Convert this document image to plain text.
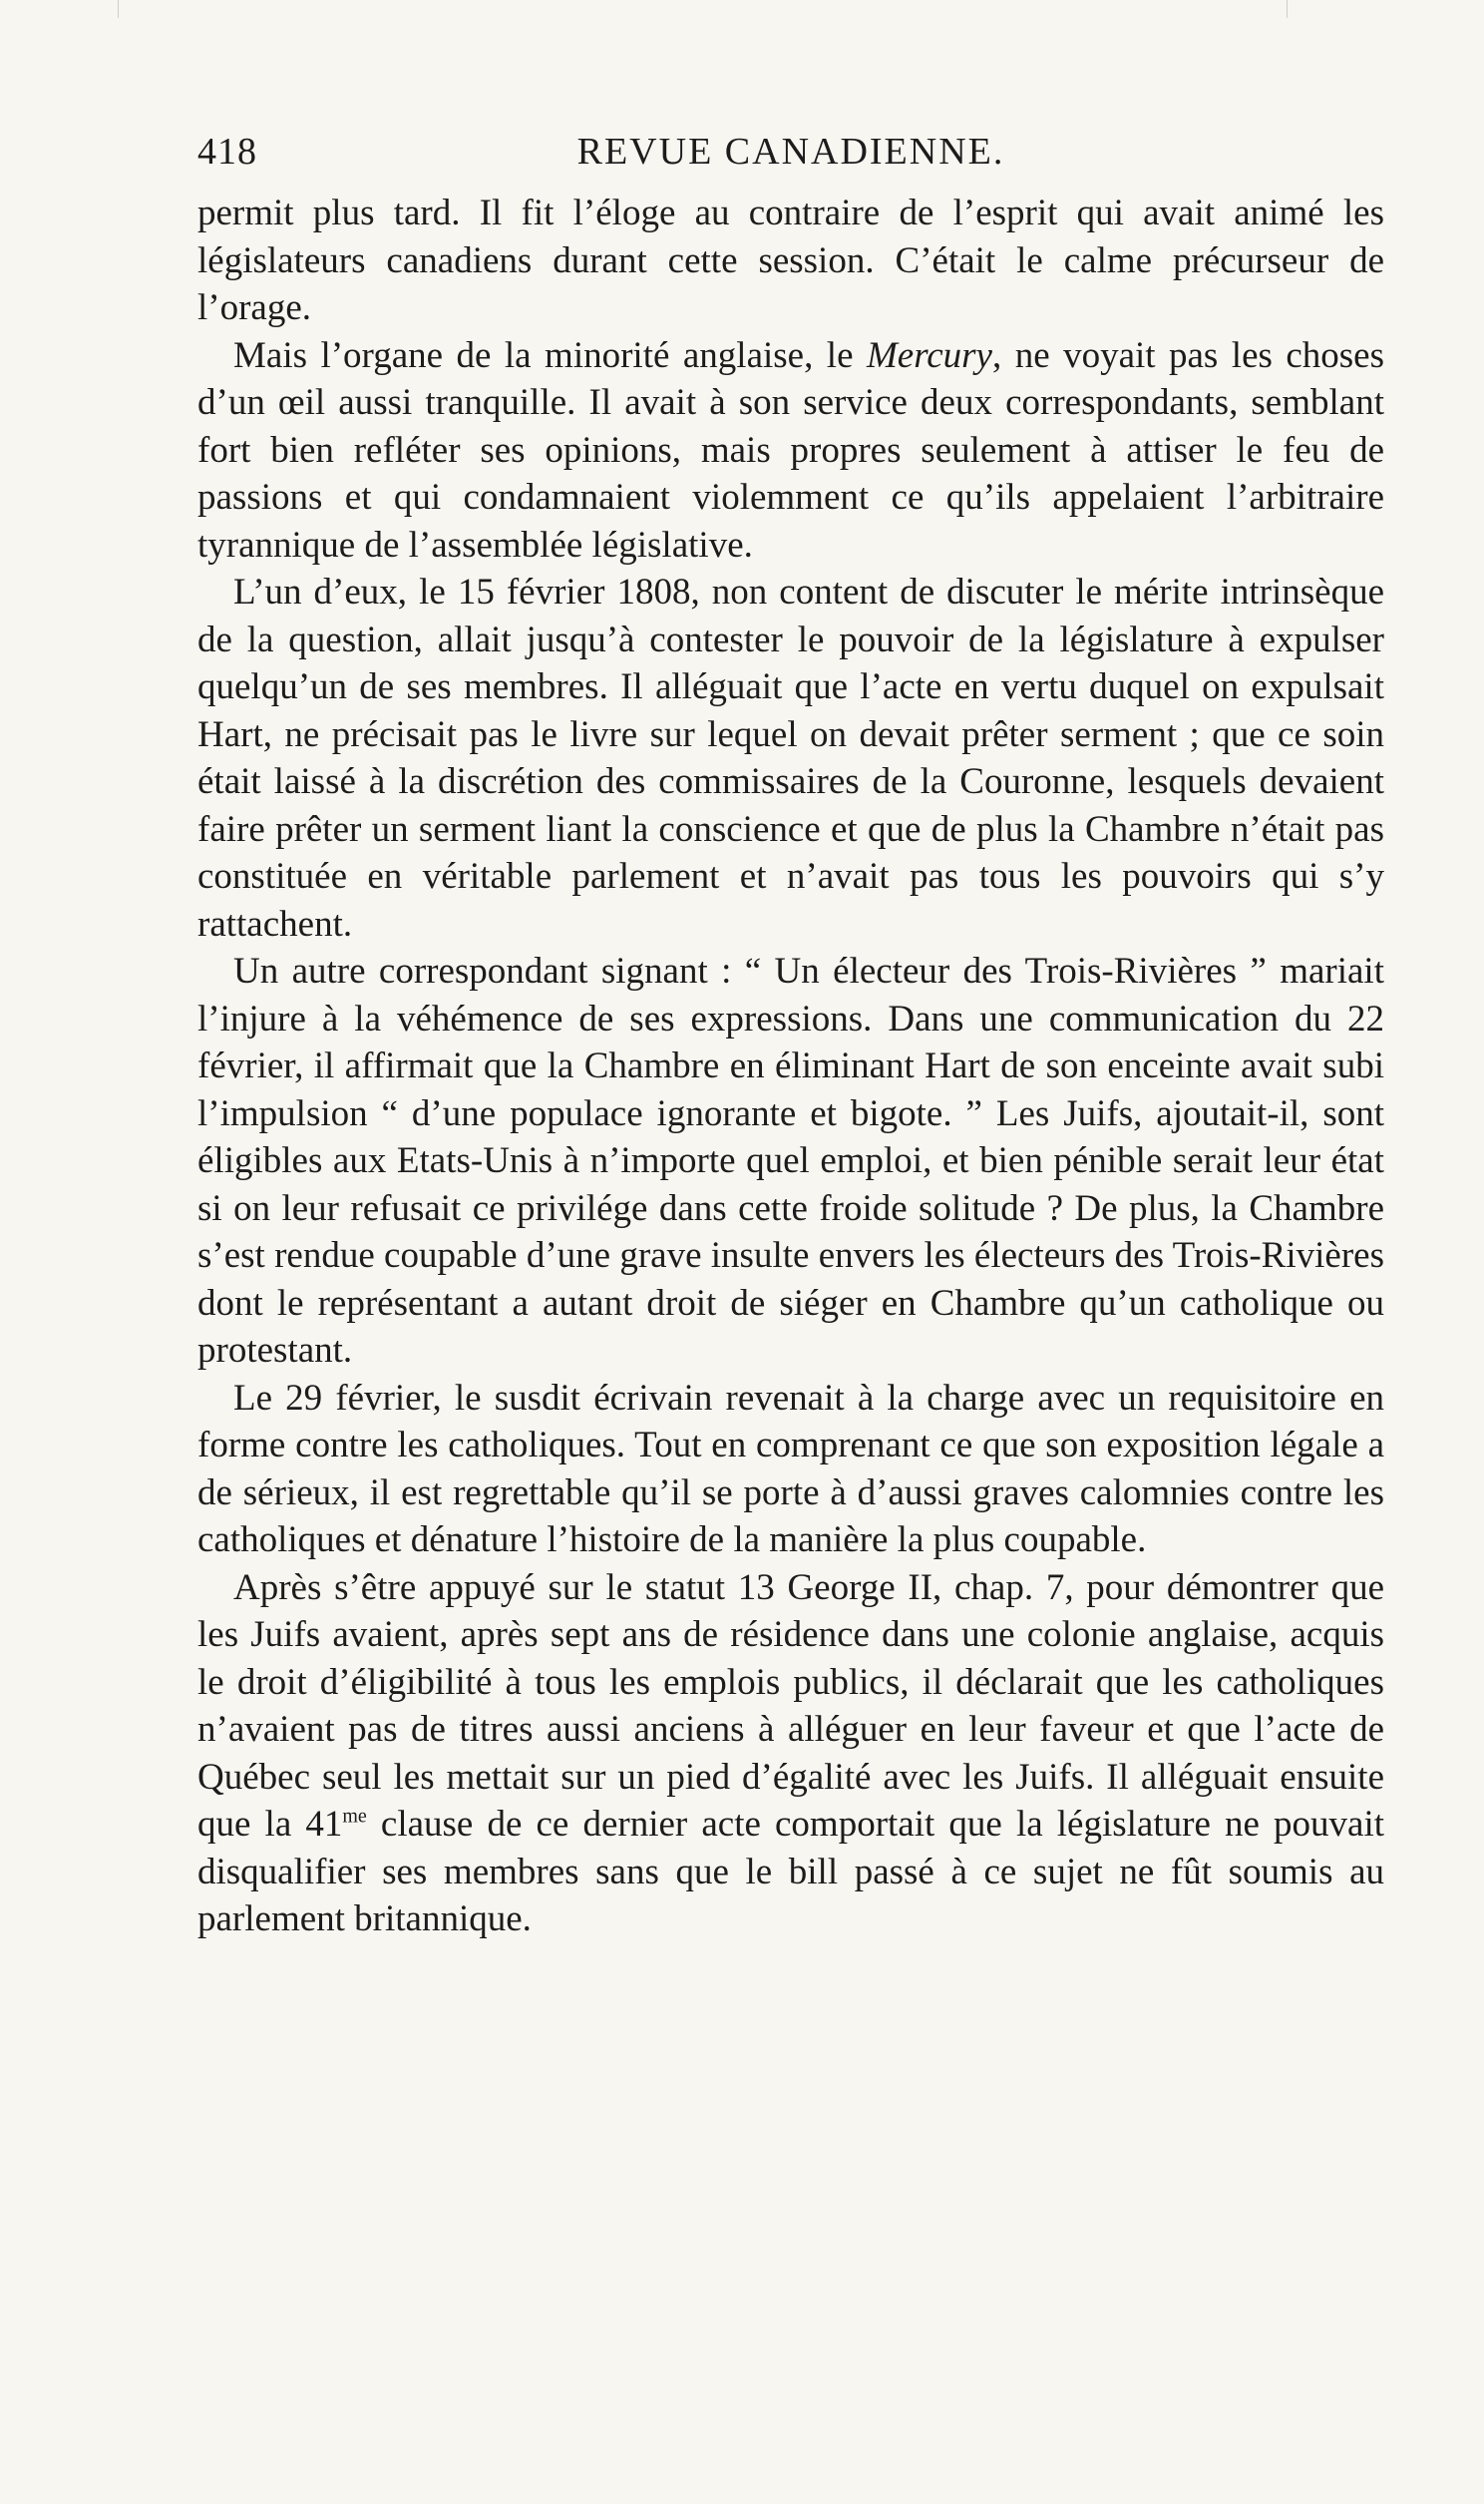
418	REVUE CANADIENNE.

permit plus tard. Il fit l’éloge au contraire de l’esprit qui avait animé les législateurs canadiens durant cette session. C’était le calme précurseur de l’orage.

Mais l’organe de la minorité anglaise, le Mercury, ne voyait pas les choses d’un œil aussi tranquille. Il avait à son service deux correspondants, semblant fort bien refléter ses opinions, mais propres seulement à attiser le feu de passions et qui condamnaient violemment ce qu’ils appelaient l’arbitraire tyrannique de l’assemblée législative.

L’un d’eux, le 15 février 1808, non content de discuter le mérite intrinsèque de la question, allait jusqu’à contester le pouvoir de la législature à expulser quelqu’un de ses membres. Il alléguait que l’acte en vertu duquel on expulsait Hart, ne précisait pas le livre sur lequel on devait prêter serment ; que ce soin était laissé à la discrétion des commissaires de la Couronne, lesquels devaient faire prêter un serment liant la conscience et que de plus la Chambre n’était pas constituée en véritable parlement et n’avait pas tous les pouvoirs qui s’y rattachent.

Un autre correspondant signant : “ Un électeur des Trois-Rivières ” mariait l’injure à la véhémence de ses expressions. Dans une communication du 22 février, il affirmait que la Chambre en éliminant Hart de son enceinte avait subi l’impulsion “ d’une populace ignorante et bigote. ” Les Juifs, ajoutait-il, sont éligibles aux Etats-Unis à n’importe quel emploi, et bien pénible serait leur état si on leur refusait ce privilége dans cette froide solitude ? De plus, la Chambre s’est rendue coupable d’une grave insulte envers les électeurs des Trois-Rivières dont le représentant a autant droit de siéger en Chambre qu’un catholique ou protestant.

Le 29 février, le susdit écrivain revenait à la charge avec un requisitoire en forme contre les catholiques. Tout en comprenant ce que son exposition légale a de sérieux, il est regrettable qu’il se porte à d’aussi graves calomnies contre les catholiques et dénature l’histoire de la manière la plus coupable.

Après s’être appuyé sur le statut 13 George II, chap. 7, pour démontrer que les Juifs avaient, après sept ans de résidence dans une colonie anglaise, acquis le droit d’éligibilité à tous les emplois publics, il déclarait que les catholiques n’avaient pas de titres aussi anciens à alléguer en leur faveur et que l’acte de Québec seul les mettait sur un pied d’égalité avec les Juifs. Il alléguait ensuite que la $41^{me}$ clause de ce dernier acte comportait que la législature ne pouvait disqualifier ses membres sans que le bill passé à ce sujet ne fût soumis au parlement britannique.
